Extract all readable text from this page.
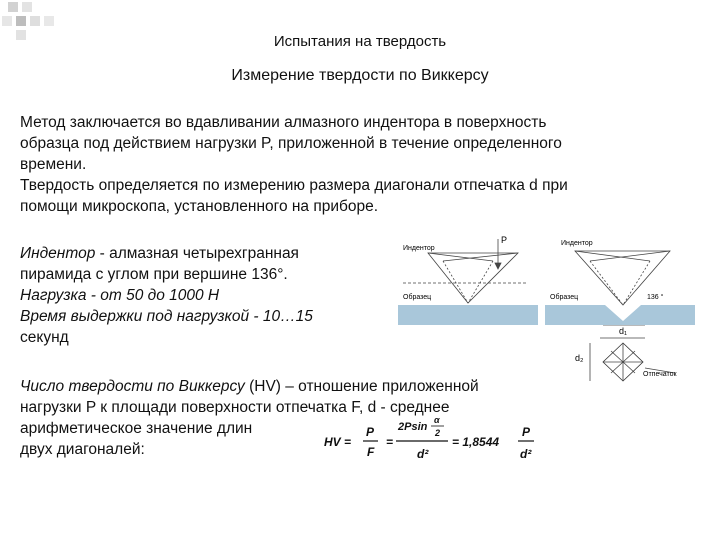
Испытания на твердость
Измерение твердости по Виккерсу
Метод заключается во вдавливании алмазного индентора в поверхность
образца под действием нагрузки P, приложенной в течение определенного
времени.
Твердость определяется по измерению размера диагонали отпечатка d при
помощи микроскопа, установленного на приборе.
Индентор - алмазная четырехгранная
пирамида с углом при вершине 136°.
Нагрузка - от 50 до 1000 Н
Время выдержки под нагрузкой - 10…15
секунд
Число твердости по Виккерсу (HV) – отношение приложенной
нагрузки P к площади поверхности отпечатка F, d - среднее
арифметическое значение длин
двух диагоналей:
P
Индентор
Образец
Индентор
Образец	136 °
d₁
d₂
Отпечаток
HV =
P
F
=
2Psin
α
2
d²
= 1,8544
P
d²
